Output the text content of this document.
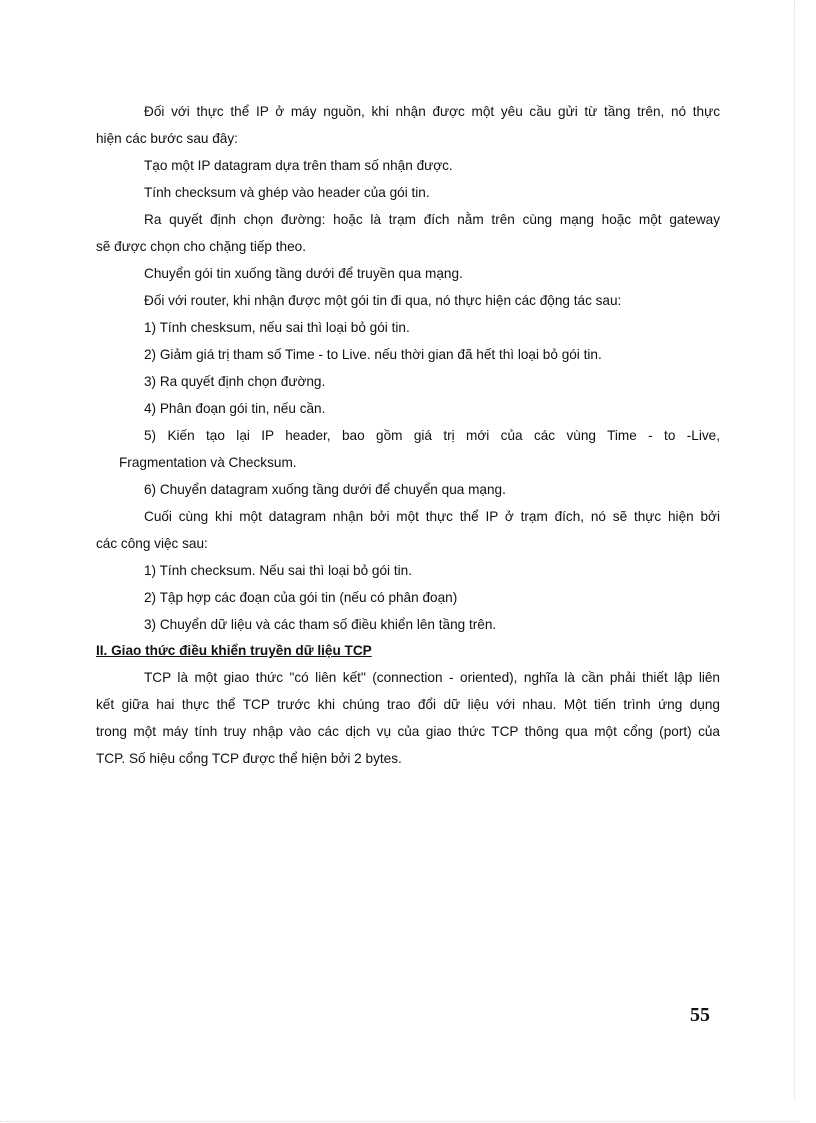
Đối với thực thể IP ở máy nguồn, khi nhận được một yêu cầu gửi từ tầng trên, nó thực
hiện các bước sau đây:
Tạo một IP datagram dựa trên tham số nhận được.
Tính checksum và ghép vào header của gói tin.
Ra quyết định chọn đường: hoặc là trạm đích nằm trên cùng mạng hoặc một gateway
sẽ được chọn cho chặng tiếp theo.
Chuyển gói tin xuống tầng dưới để truyền qua mạng.
Đối với router, khi nhận được một gói tin đi qua, nó thực hiện các động tác sau:
1) Tính chesksum, nếu sai thì loại bỏ gói tin.
2) Giảm giá trị tham số Time - to Live. nếu thời gian đã hết thì loại bỏ gói tin.
3) Ra quyết định chọn đường.
4) Phân đoạn gói tin, nếu cần.
5) Kiến tạo lại IP header, bao gồm giá trị mới của các vùng Time - to -Live,
Fragmentation và Checksum.
6) Chuyển datagram xuống tầng dưới để chuyển qua mạng.
Cuối cùng khi một datagram nhận bởi một thực thể IP ở trạm đích, nó sẽ thực hiện bởi
các công việc sau:
1) Tính checksum. Nếu sai thì loại bỏ gói tin.
2) Tập hợp các đoạn của gói tin (nếu có phân đoạn)
3) Chuyển dữ liệu và các tham số điều khiển lên tầng trên.
II. Giao thức điều khiển truyền dữ liệu TCP
TCP là một giao thức "có liên kết" (connection - oriented), nghĩa là cần phải thiết lập liên
kết giữa hai thực thể TCP trước khi chúng trao đổi dữ liệu với nhau. Một tiến trình ứng dụng
trong một máy tính truy nhập vào các dịch vụ của giao thức TCP thông qua một cổng (port) của
TCP. Số hiệu cổng TCP được thể hiện bởi 2 bytes.
55
